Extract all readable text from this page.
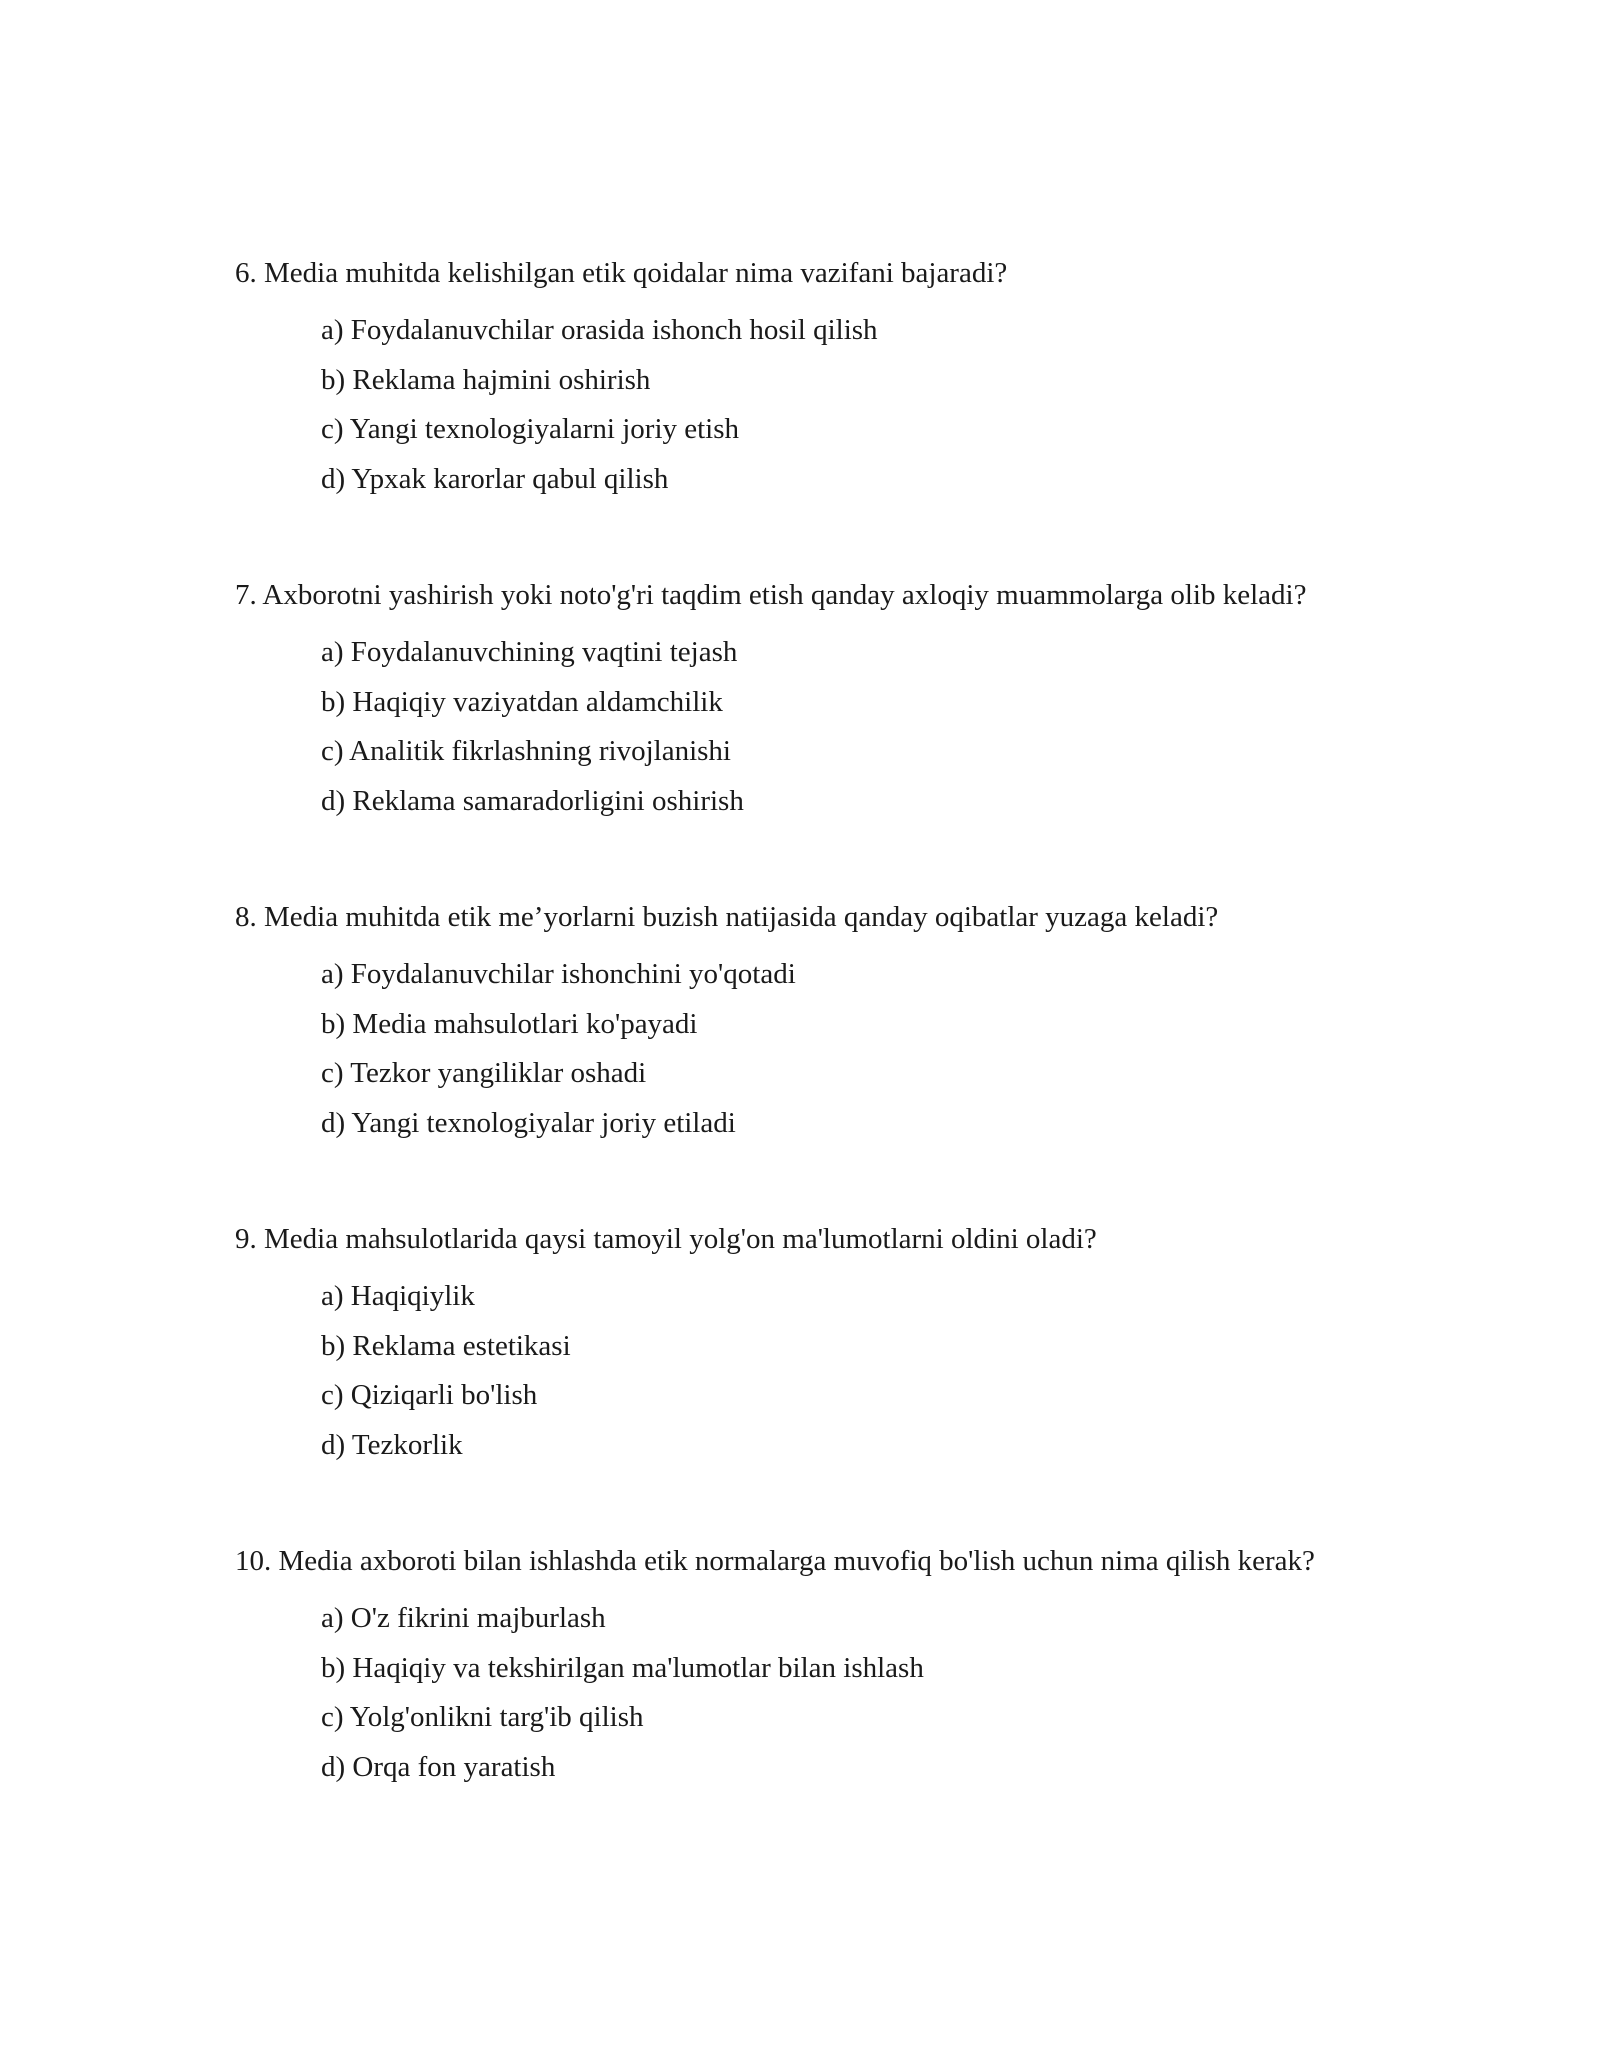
6. Media muhitda kelishilgan etik qoidalar nima vazifani bajaradi?

a) Foydalanuvchilar orasida ishonch hosil qilish
b) Reklama hajmini oshirish
c) Yangi texnologiyalarni joriy etish
d) Ypxak karorlar qabul qilish

7. Axborotni yashirish yoki noto'g'ri taqdim etish qanday axloqiy muammolarga olib keladi?

a) Foydalanuvchining vaqtini tejash
b) Haqiqiy vaziyatdan aldamchilik
c) Analitik fikrlashning rivojlanishi
d) Reklama samaradorligini oshirish

8. Media muhitda etik me’yorlarni buzish natijasida qanday oqibatlar yuzaga keladi?

a) Foydalanuvchilar ishonchini yo'qotadi
b) Media mahsulotlari ko'payadi
c) Tezkor yangiliklar oshadi
d) Yangi texnologiyalar joriy etiladi

9. Media mahsulotlarida qaysi tamoyil yolg'on ma'lumotlarni oldini oladi?

a) Haqiqiylik
b) Reklama estetikasi
c) Qiziqarli bo'lish
d) Tezkorlik

10. Media axboroti bilan ishlashda etik normalarga muvofiq bo'lish uchun nima qilish kerak?

a) O'z fikrini majburlash
b) Haqiqiy va tekshirilgan ma'lumotlar bilan ishlash
c) Yolg'onlikni targ'ib qilish
d) Orqa fon yaratish
